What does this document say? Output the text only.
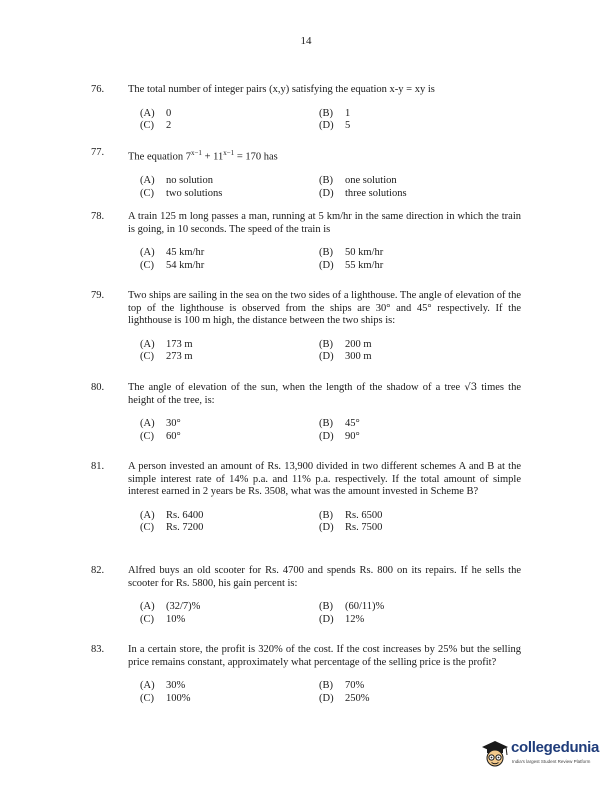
14
76.	The total number of integer pairs (x,y) satisfying the equation x-y = xy is
(A) 0	(B) 1
(C) 2	(D) 5
77.	The equation $7^{x-1} + 11^{x-1} = 170$ has
(A) no solution	(B) one solution
(C) two solutions	(D) three solutions
78.	A train 125 m long passes a man, running at 5 km/hr in the same direction in which the train is going, in 10 seconds. The speed of the train is
(A) 45 km/hr	(B) 50 km/hr
(C) 54 km/hr	(D) 55 km/hr
79.	Two ships are sailing in the sea on the two sides of a lighthouse. The angle of elevation of the top of the lighthouse is observed from the ships are 30° and 45° respectively. If the lighthouse is 100 m high, the distance between the two ships is:
(A) 173 m	(B) 200 m
(C) 273 m	(D) 300 m
80.	The angle of elevation of the sun, when the length of the shadow of a tree √3 times the height of the tree, is:
(A) 30°	(B) 45°
(C) 60°	(D) 90°
81.	A person invested an amount of Rs. 13,900 divided in two different schemes A and B at the simple interest rate of 14% p.a. and 11% p.a. respectively. If the total amount of simple interest earned in 2 years be Rs. 3508, what was the amount invested in Scheme B?
(A) Rs. 6400	(B) Rs. 6500
(C) Rs. 7200	(D) Rs. 7500
82.	Alfred buys an old scooter for Rs. 4700 and spends Rs. 800 on its repairs. If he sells the scooter for Rs. 5800, his gain percent is:
(A) (32/7)%	(B) (60/11)%
(C) 10%	(D) 12%
83.	In a certain store, the profit is 320% of the cost. If the cost increases by 25% but the selling price remains constant, approximately what percentage of the selling price is the profit?
(A) 30%	(B) 70%
(C) 100%	(D) 250%
collegedunia
India's largest Student Review Platform
